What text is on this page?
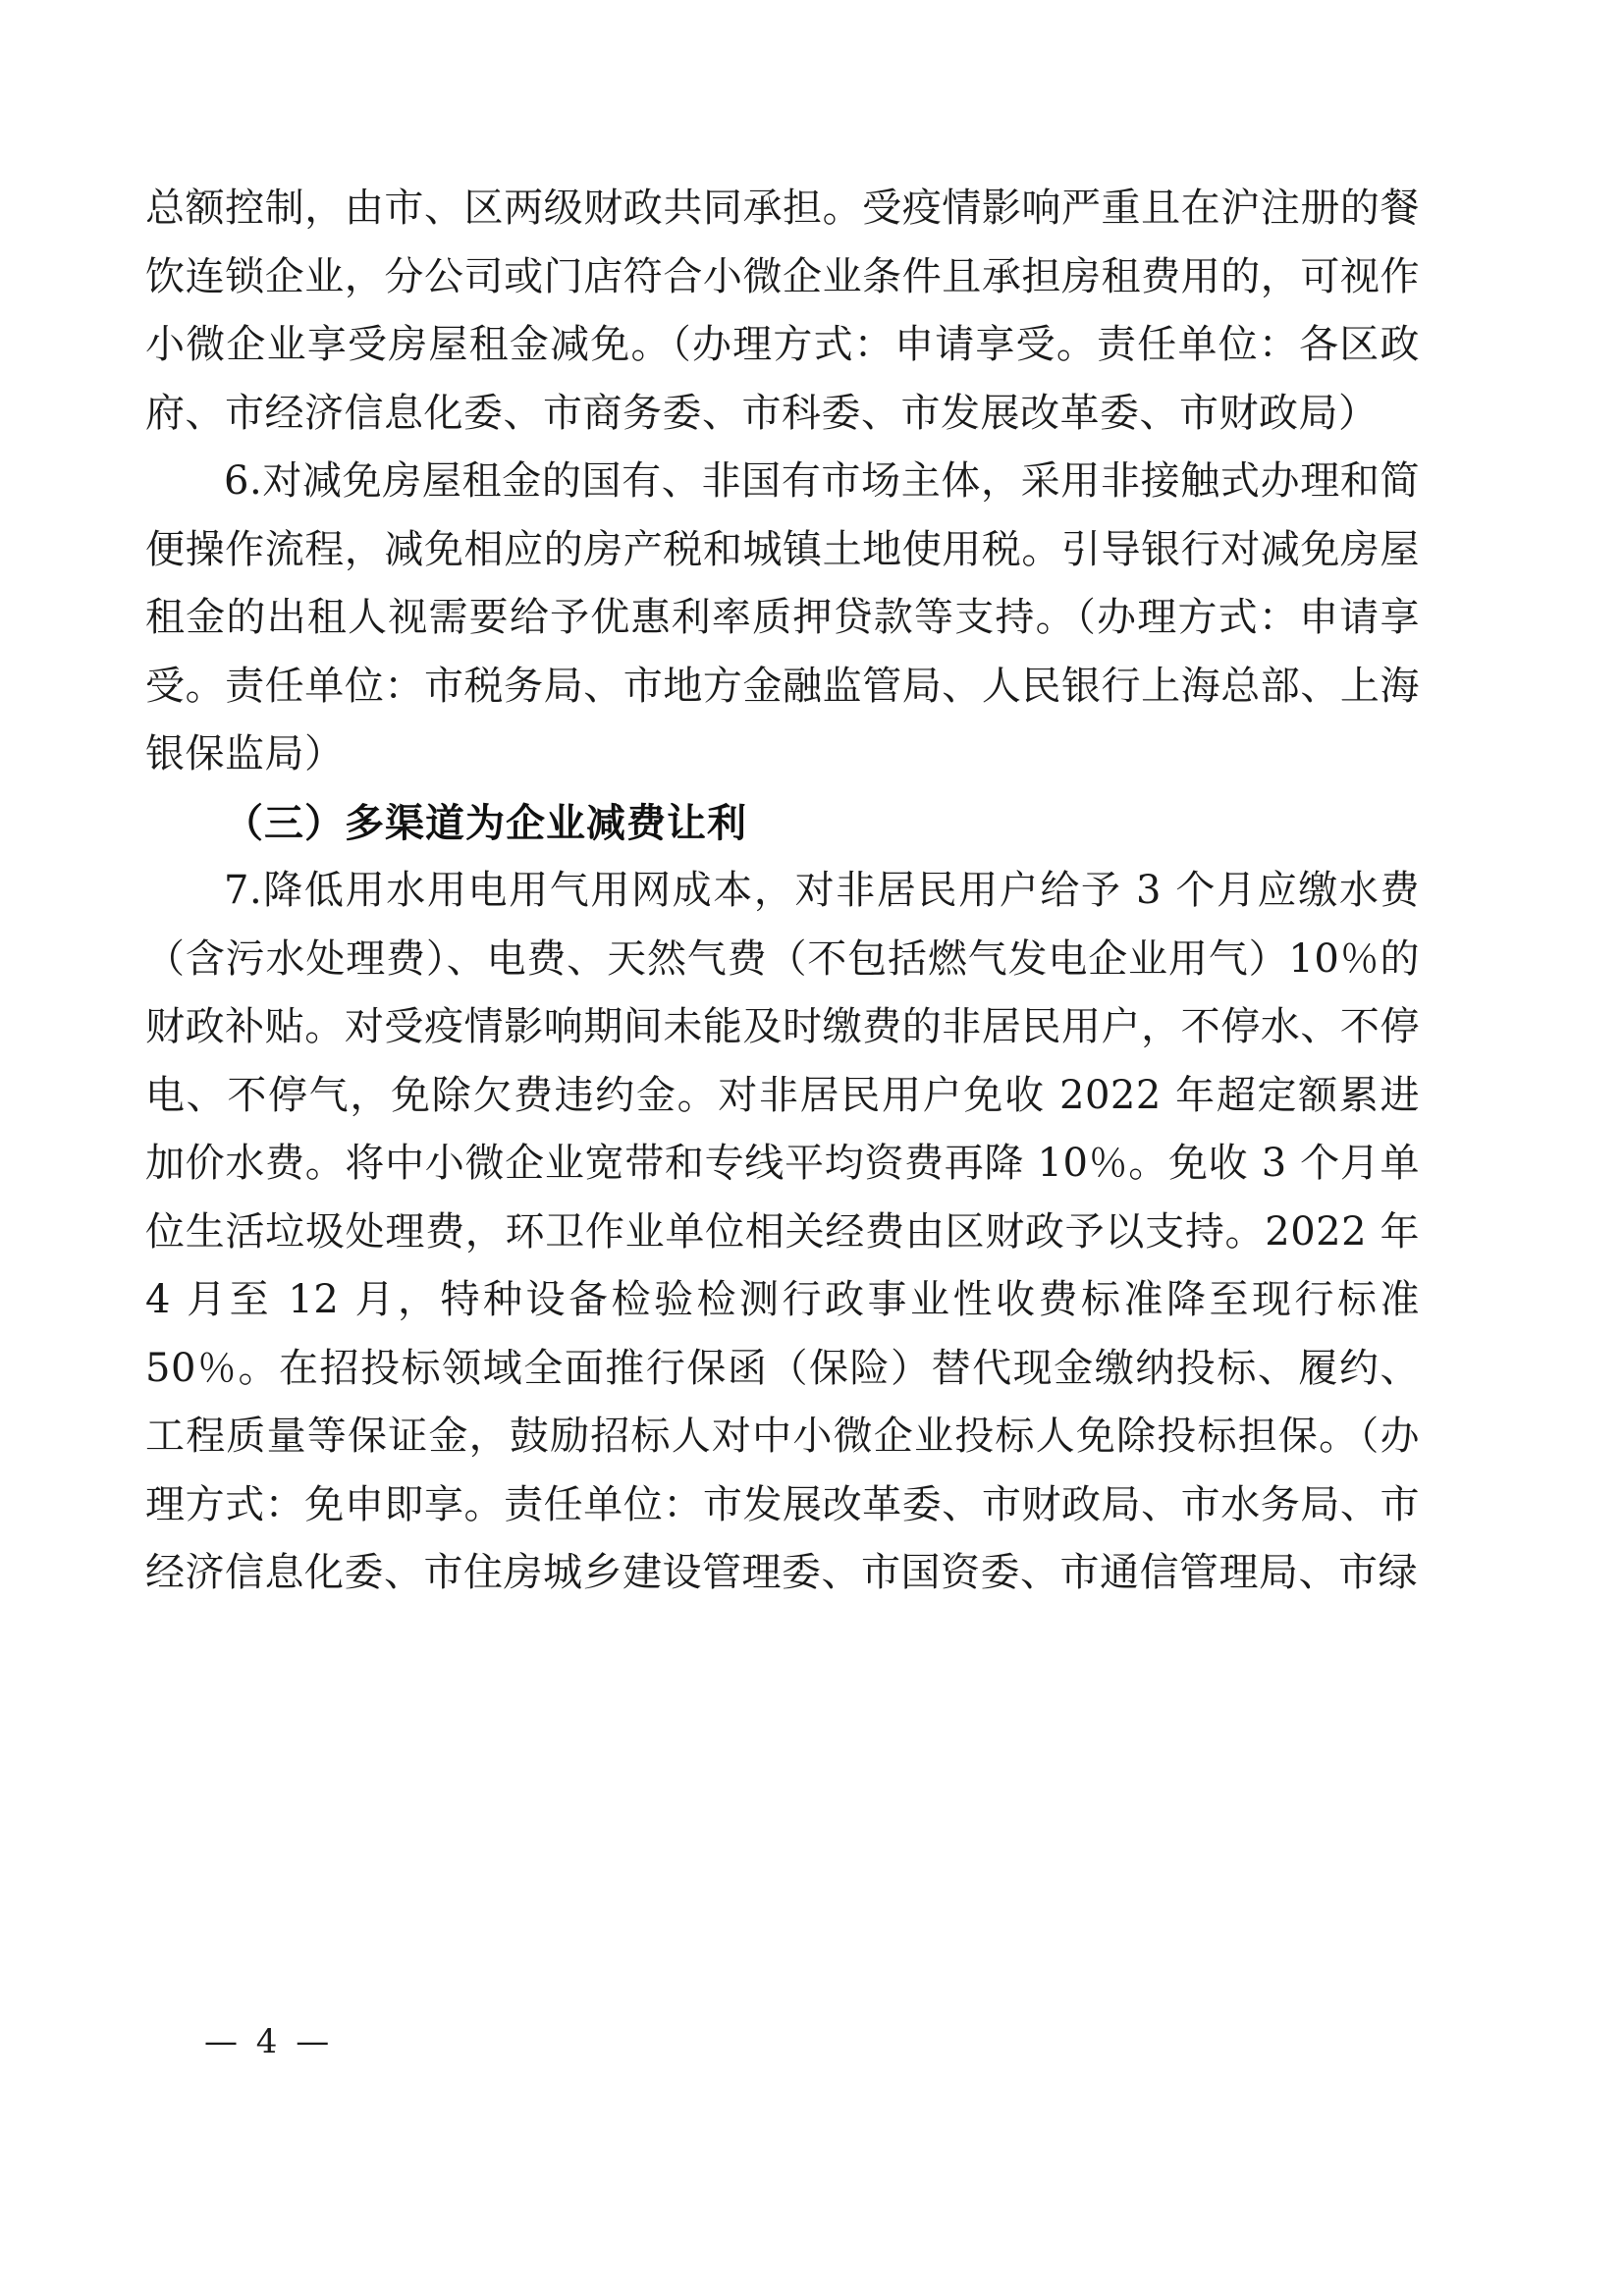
总额控制，由市、区两级财政共同承担。受疫情影响严重且在沪注册的餐饮连锁企业，分公司或门店符合小微企业条件且承担房租费用的，可视作小微企业享受房屋租金减免。（办理方式：申请享受。责任单位：各区政府、市经济信息化委、市商务委、市科委、市发展改革委、市财政局）

6.对减免房屋租金的国有、非国有市场主体，采用非接触式办理和简便操作流程，减免相应的房产税和城镇土地使用税。引导银行对减免房屋租金的出租人视需要给予优惠利率质押贷款等支持。（办理方式：申请享受。责任单位：市税务局、市地方金融监管局、人民银行上海总部、上海银保监局）

（三）多渠道为企业减费让利

7.降低用水用电用气用网成本，对非居民用户给予 3 个月应缴水费（含污水处理费）、电费、天然气费（不包括燃气发电企业用气）10％的财政补贴。对受疫情影响期间未能及时缴费的非居民用户，不停水、不停电、不停气，免除欠费违约金。对非居民用户免收 2022 年超定额累进加价水费。将中小微企业宽带和专线平均资费再降 10％。免收 3 个月单位生活垃圾处理费，环卫作业单位相关经费由区财政予以支持。2022 年 4 月至 12 月，特种设备检验检测行政事业性收费标准降至现行标准 50％。在招投标领域全面推行保函（保险）替代现金缴纳投标、履约、工程质量等保证金，鼓励招标人对中小微企业投标人免除投标担保。（办理方式：免申即享。责任单位：市发展改革委、市财政局、市水务局、市经济信息化委、市住房城乡建设管理委、市国资委、市通信管理局、市绿

— 4 —
